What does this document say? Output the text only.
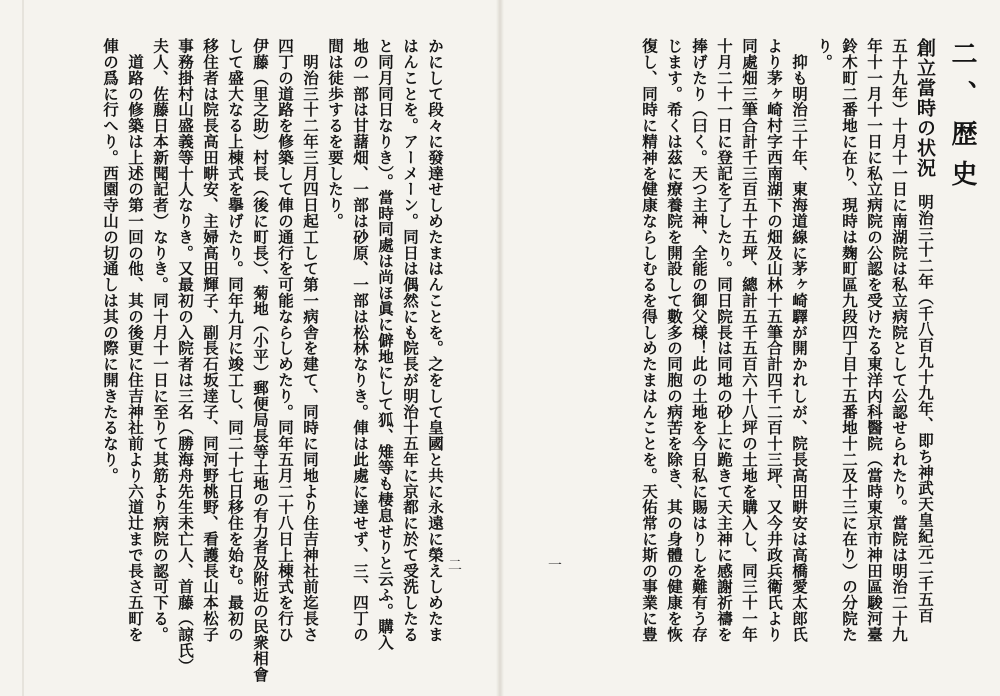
二、歴史
創立當時の状況　明治三十二年（千八百九十九年、即ち神武天皇紀元二千五百
五十九年）十月十一日に南湖院は私立病院として公認せられたり。當院は明治二十九
年十一月十一日に私立病院の公認を受けたる東洋内科醫院（當時東京市神田區駿河臺
鈴木町二番地に在り、現時は麹町區九段四丁目十五番地十二及十三に在り）の分院た
り。
　抑も明治三十年、東海道線に茅ヶ崎驛が開かれしが、院長高田畊安は高橋愛太郎氏
より茅ヶ崎村字西南湖下の畑及山林十五筆合計四千二百十三坪、又今井政兵衛氏より
同處畑三筆合計千三百五十五坪、總計五千五百六十八坪の土地を購入し、同三十一年
十月二十一日に登記を了したり。同日院長は同地の砂上に跪きて天主神に感謝祈禱を
捧げたり（曰く。天つ主神、全能の御父様！此の土地を今日私に賜はりしを難有う存
じます。希くは茲に療養院を開設して數多の同胞の病苦を除き、其の身體の健康を恢
復し、同時に精神を健康ならしむるを得しめたまはんことを。天佑常に斯の事業に豊
かにして段々に發達せしめたまはんことを。之をして皇國と共に永遠に榮えしめたま
はんことを。アーメーン。同日は偶然にも院長が明治十五年に京都に於て受洗したる
と同月同日なりき）。當時同處は尚ほ眞に僻地にして狐、雉等も棲息せりと云ふ。購入
地の一部は甘藷畑、一部は砂原、一部は松林なりき。俥は此處に達せず、三、四丁の
間は徒歩するを要したり。
　明治三十二年三月四日起工して第一病舎を建て、同時に同地より住吉神社前迄長さ
四丁の道路を修築して俥の通行を可能ならしめたり。同年五月二十八日上棟式を行ひ
伊藤（里之助）村長（後に町長）、菊地（小平）郵便局長等土地の有力者及附近の民衆相會
して盛大なる上棟式を擧げたり。同年九月に竣工し、同二十七日移住を始む。最初の
移住者は院長高田畊安、主婦高田輝子、副長石坂逹子、同河野桃野、看護長山本松子
事務掛村山盛義等十人なりき。又最初の入院者は三名（勝海舟先生未亡人、首藤（諒氏）
夫人、佐藤日本新聞記者）なりき。同十月十一日に至りて其筋より病院の認可下る。
　道路の修築は上述の第一回の他、其の後更に住吉神社前より六道辻まで長さ五町を
俥の爲に行へり。西園寺山の切通しは其の際に開きたるなり。
一
二
